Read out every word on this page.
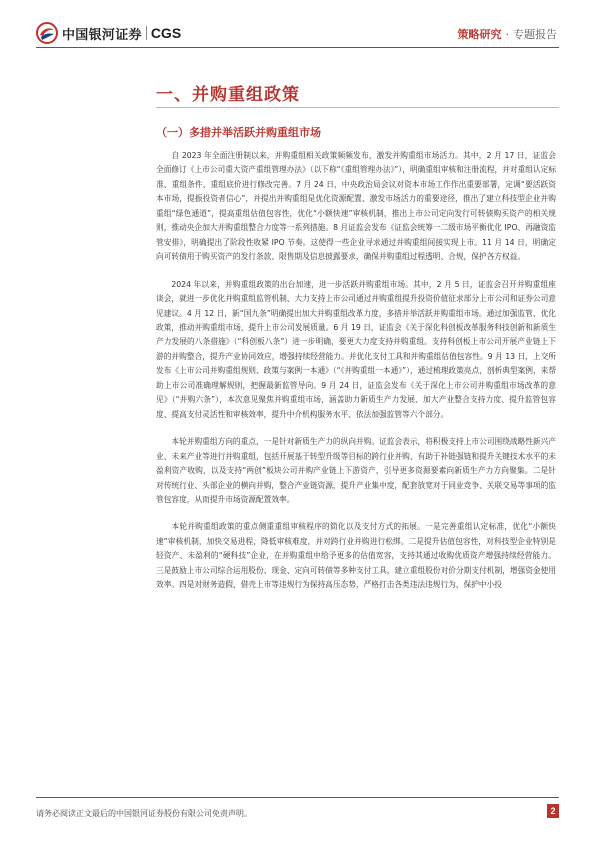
中国银河证券 CGS	策略研究 · 专题报告
一、并购重组政策
（一）多措并举活跃并购重组市场

自 2023 年全面注册制以来，并购重组相关政策频频发布，激发并购重组市场活力。其中，2 月 17 日，证监会全面修订《上市公司重大资产重组管理办法》（以下称“《重组管理办法》”），明确重组审核和注册流程，并对重组认定标准、重组条件、重组底价进行修改完善。7 月 24 日，中央政治局会议对资本市场工作作出重要部署，定调“要活跃资本市场，提振投资者信心”，并提出并购重组是优化资源配置、激发市场活力的重要途径，推出了建立科技型企业并购重组“绿色通道”，提高重组估值包容性，优化“小额快速”审核机制，推出上市公司定向发行可转债购买资产的相关规则，推动央企加大并购重组整合力度等一系列措施。8 月证监会发布《证监会统筹一二级市场平衡优化 IPO、再融资监管安排》，明确提出了阶段性收紧 IPO 节奏。这使得一些企业寻求通过并购重组间接实现上市。11 月 14 日，明确定向可转债用于购买资产的发行条款、限售期及信息披露要求，确保并购重组过程透明、合规，保护各方权益。

2024 年以来，并购重组政策的出台加速，进一步活跃并购重组市场。其中，2 月 5 日，证监会召开并购重组座谈会，就进一步优化并购重组监管机制、大力支持上市公司通过并购重组提升投资价值征求部分上市公司和证券公司意见建议。4 月 12 日，新“国九条”明确提出加大并购重组改革力度，多措并举活跃并购重组市场。通过加强监管、优化政策，推动并购重组市场，提升上市公司发展质量。6 月 19 日，证监会《关于深化科创板改革服务科技创新和新质生产力发展的八条措施》（“科创板八条”）进一步明确，要更大力度支持并购重组。支持科创板上市公司开展产业链上下游的并购整合，提升产业协同效应，增强持续经营能力。并优化支付工具和并购重组估值包容性。9 月 13 日，上交所发布《上市公司并购重组规则、政策与案例一本通》（“《并购重组一本通》”），通过梳理政策亮点，剖析典型案例，来帮助上市公司准确理解规则，把握最新监管导向。9 月 24 日，证监会发布《关于深化上市公司并购重组市场改革的意见》（“并购六条”），本次意见聚焦并购重组市场，涵盖助力新质生产力发展、加大产业整合支持力度、提升监管包容度、提高支付灵活性和审核效率，提升中介机构服务水平、依法加强监管等六个部分。

本轮并购重组方向的重点，一是针对新质生产力的纵向并购。证监会表示，将积极支持上市公司围绕战略性新兴产业、未来产业等进行并购重组，包括开展基于转型升级等目标的跨行业并购、有助于补链强链和提升关键技术水平的未盈利资产收购，以及支持“两创”板块公司并购产业链上下游资产，引导更多资源要素向新质生产力方向聚集。二是针对传统行业、头部企业的横向并购，整合产业链资源，提升产业集中度，配套放宽对于同业竞争、关联交易等事项的监管包容度，从而提升市场资源配置效率。

本轮并购重组政策的重点侧重重组审核程序的简化以及支付方式的拓展。一是完善重组认定标准，优化“小额快速”审核机制，加快交易进程，降低审核难度，并对跨行业并购进行松绑。二是提升估值包容性，对科技型企业特别是轻资产、未盈利的“硬科技”企业，在并购重组中给予更多的估值宽容，支持其通过收购优质资产增强持续经营能力。三是鼓励上市公司综合运用股份、现金、定向可转债等多种支付工具，建立重组股份对价分期支付机制，增强资金使用效率。四是对财务造假、借壳上市等违规行为保持高压态势，严格打击各类违法违规行为，保护中小投

请务必阅读正文最后的中国银河证券股份有限公司免责声明。	2
